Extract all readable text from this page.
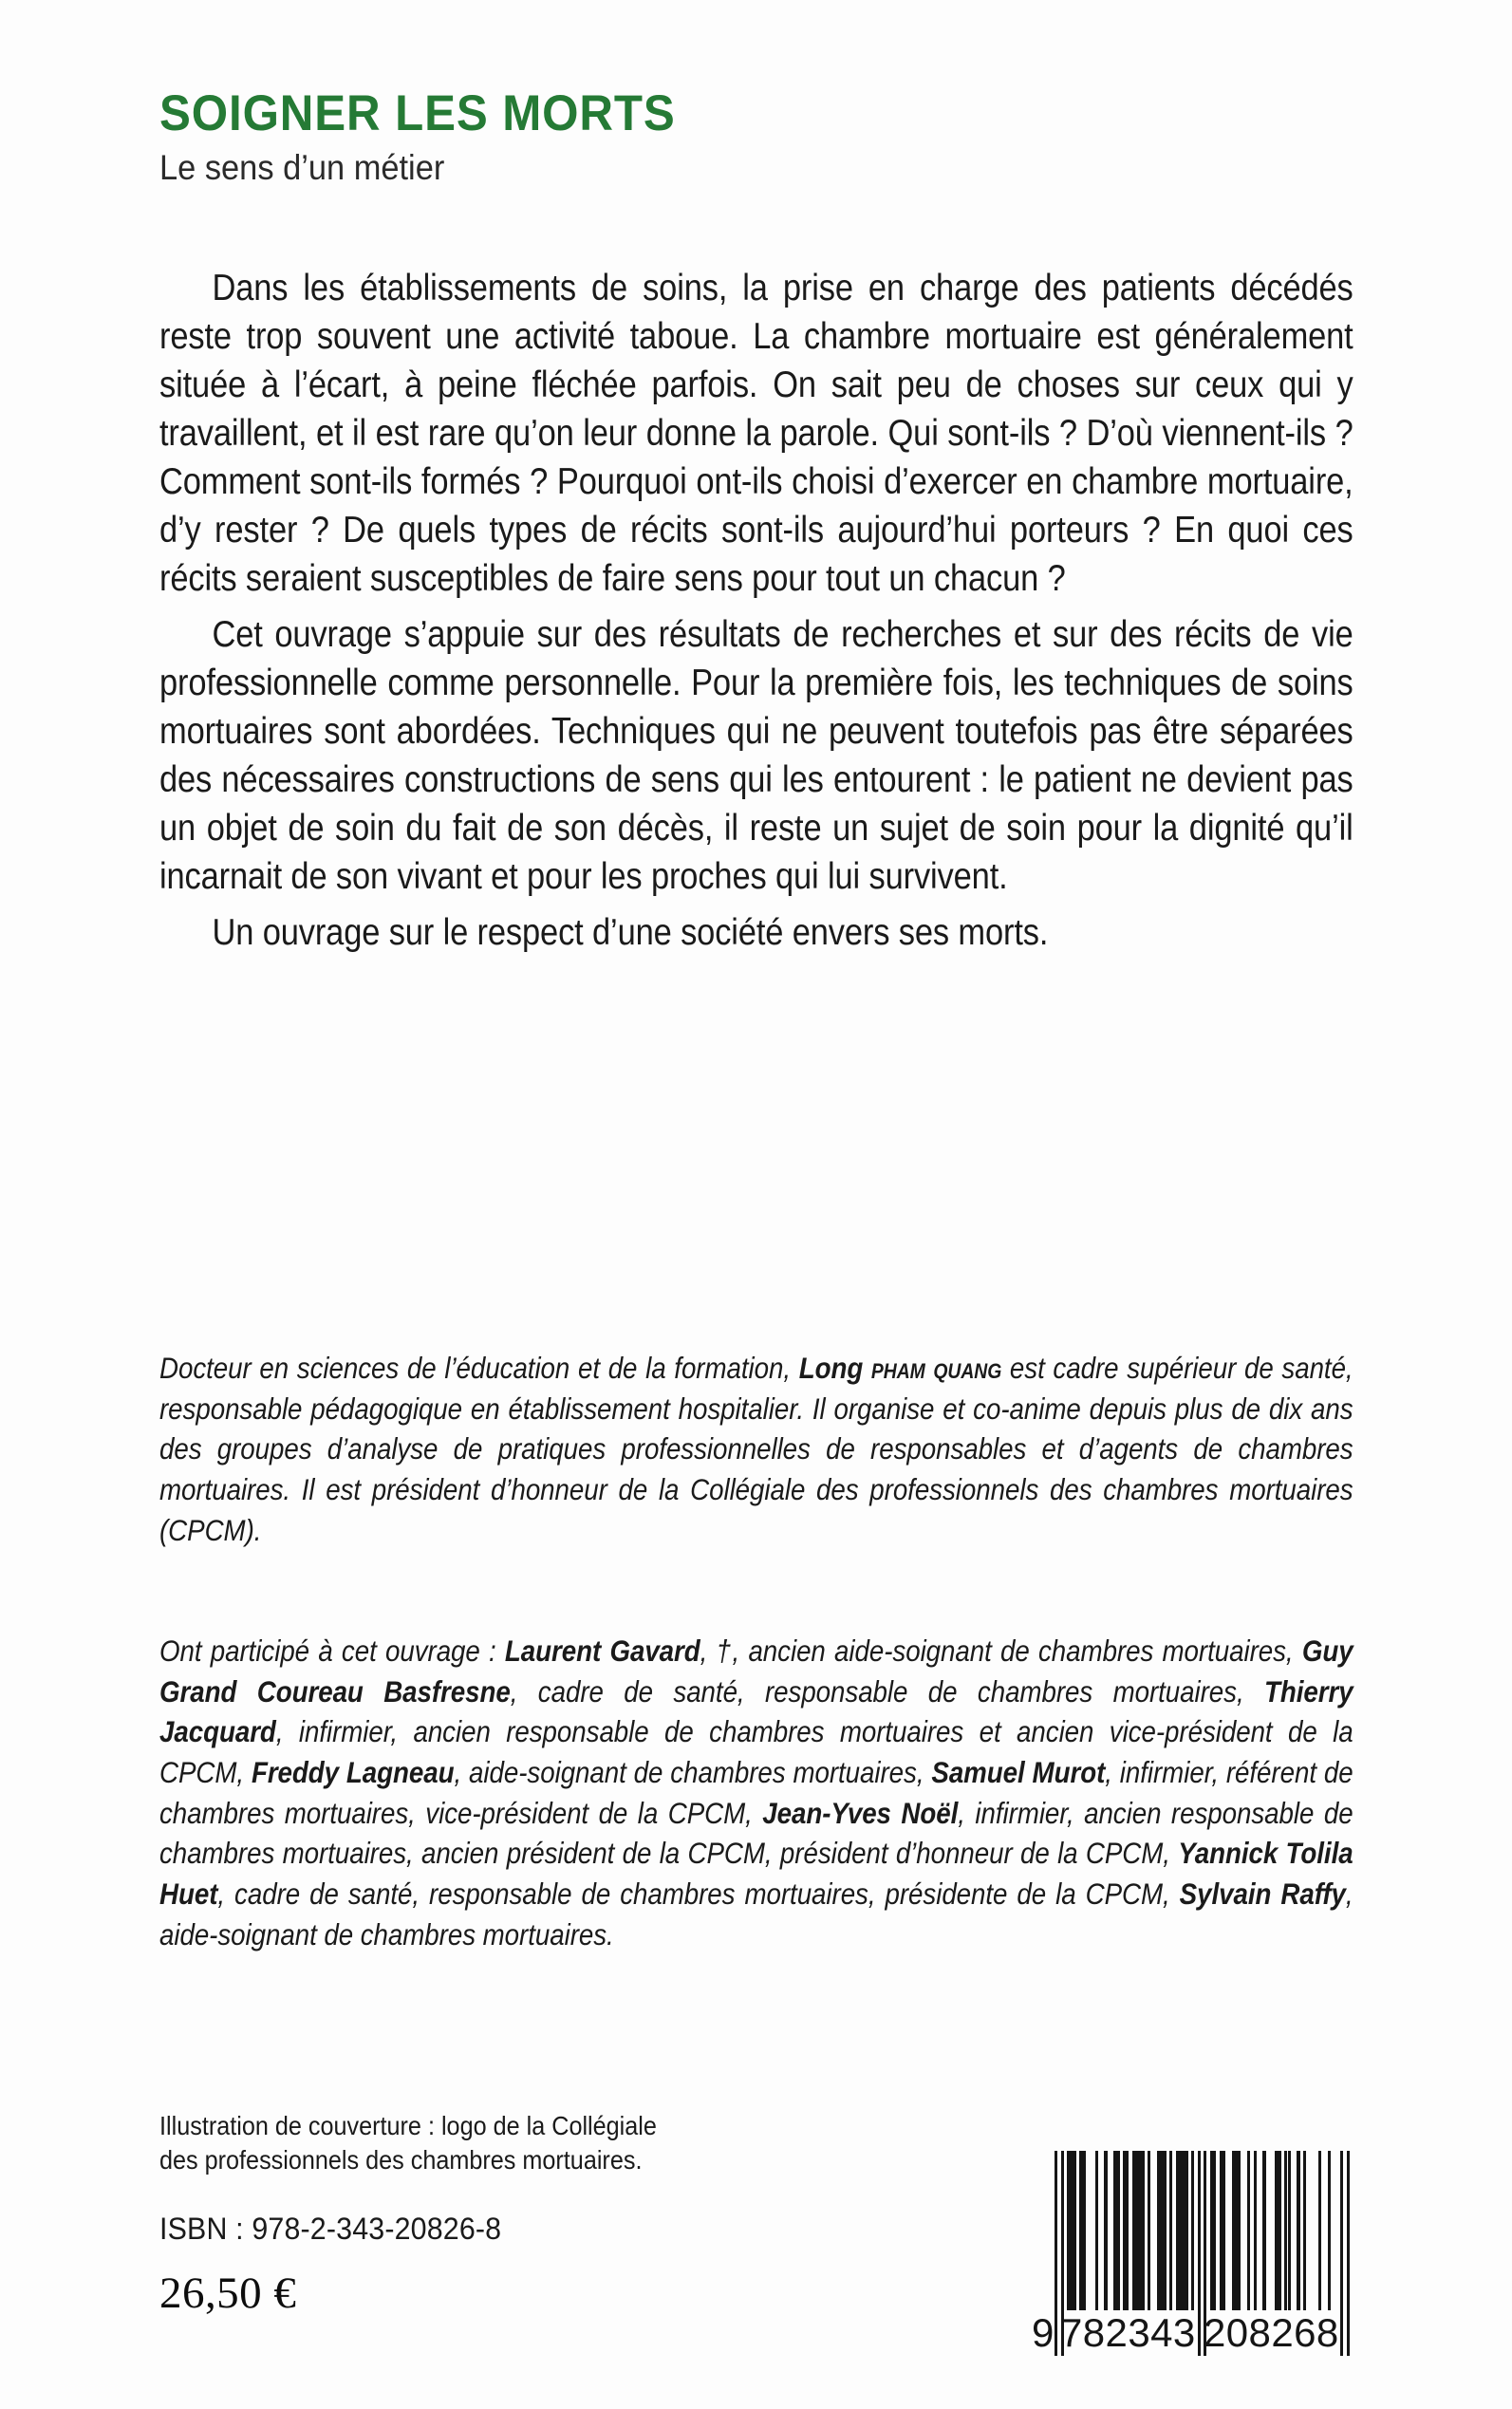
SOIGNER LES MORTS
Le sens d’un métier

Dans les établissements de soins, la prise en charge des patients décédés reste trop souvent une activité taboue. La chambre mortuaire est généralement située à l’écart, à peine fléchée parfois. On sait peu de choses sur ceux qui y travaillent, et il est rare qu’on leur donne la parole. Qui sont-ils ? D’où viennent-ils ? Comment sont-ils formés ? Pourquoi ont-ils choisi d’exercer en chambre mortuaire, d’y rester ? De quels types de récits sont-ils aujourd’hui porteurs ? En quoi ces récits seraient susceptibles de faire sens pour tout un chacun ?

Cet ouvrage s’appuie sur des résultats de recherches et sur des récits de vie professionnelle comme personnelle. Pour la première fois, les techniques de soins mortuaires sont abordées. Techniques qui ne peuvent toutefois pas être séparées des nécessaires constructions de sens qui les entourent : le patient ne devient pas un objet de soin du fait de son décès, il reste un sujet de soin pour la dignité qu’il incarnait de son vivant et pour les proches qui lui survivent.

Un ouvrage sur le respect d’une société envers ses morts.

Docteur en sciences de l’éducation et de la formation, Long pham quang est cadre supérieur de santé, responsable pédagogique en établissement hospitalier. Il organise et co-anime depuis plus de dix ans des groupes d’analyse de pratiques professionnelles de responsables et d’agents de chambres mortuaires. Il est président d’honneur de la Collégiale des professionnels des chambres mortuaires (CPCM).

Ont participé à cet ouvrage : Laurent Gavard, †, ancien aide-soignant de chambres mortuaires, Guy Grand Coureau Basfresne, cadre de santé, responsable de chambres mortuaires, Thierry Jacquard, infirmier, ancien responsable de chambres mortuaires et ancien vice-président de la CPCM, Freddy Lagneau, aide-soignant de chambres mortuaires, Samuel Murot, infirmier, référent de chambres mortuaires, vice-président de la CPCM, Jean-Yves Noël, infirmier, ancien responsable de chambres mortuaires, ancien président de la CPCM, président d’honneur de la CPCM, Yannick Tolila Huet, cadre de santé, responsable de chambres mortuaires, présidente de la CPCM, Sylvain Raffy, aide-soignant de chambres mortuaires.

Illustration de couverture : logo de la Collégiale

des professionnels des chambres mortuaires.

ISBN : 978-2-343-20826-8
26,50 €
9 782343 208268
